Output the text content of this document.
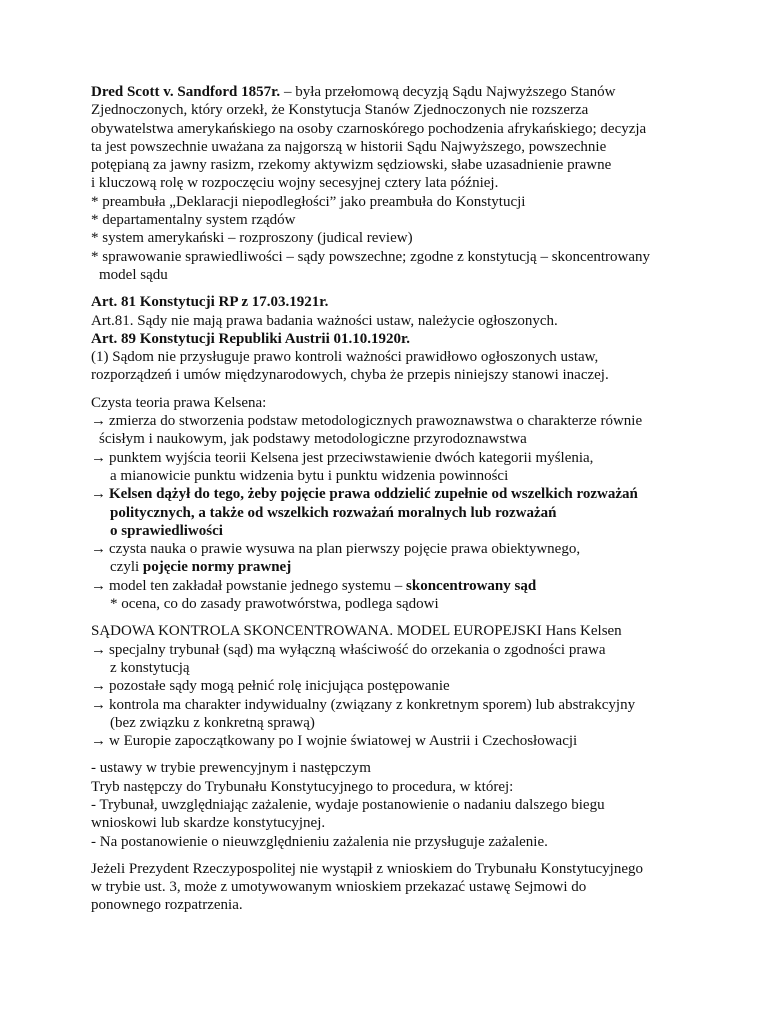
Dred Scott v. Sandford 1857r. – była przełomową decyzją Sądu Najwyższego Stanów
Zjednoczonych, który orzekł, że Konstytucja Stanów Zjednoczonych nie rozszerza
obywatelstwa amerykańskiego na osoby czarnoskórego pochodzenia afrykańskiego; decyzja
ta jest powszechnie uważana za najgorszą w historii Sądu Najwyższego, powszechnie
potępianą za jawny rasizm, rzekomy aktywizm sędziowski, słabe uzasadnienie prawne
i kluczową rolę w rozpoczęciu wojny secesyjnej cztery lata później.
* preambuła „Deklaracji niepodległości” jako preambuła do Konstytucji
* departamentalny system rządów
* system amerykański – rozproszony (judical review)
* sprawowanie sprawiedliwości – sądy powszechne; zgodne z konstytucją – skoncentrowany
model sądu
Art. 81 Konstytucji RP z 17.03.1921r.
Art.81. Sądy nie mają prawa badania ważności ustaw, należycie ogłoszonych.
Art. 89 Konstytucji Republiki Austrii 01.10.1920r.
(1) Sądom nie przysługuje prawo kontroli ważności prawidłowo ogłoszonych ustaw,
rozporządzeń i umów międzynarodowych, chyba że przepis niniejszy stanowi inaczej.
Czysta teoria prawa Kelsena:
→ zmierza do stworzenia podstaw metodologicznych prawoznawstwa o charakterze równie
ścisłym i naukowym, jak podstawy metodologiczne przyrodoznawstwa
→ punktem wyjścia teorii Kelsena jest przeciwstawienie dwóch kategorii myślenia,
a mianowicie punktu widzenia bytu i punktu widzenia powinności
→ Kelsen dążył do tego, żeby pojęcie prawa oddzielić zupełnie od wszelkich rozważań
politycznych, a także od wszelkich rozważań moralnych lub rozważań
o sprawiedliwości
→ czysta nauka o prawie wysuwa na plan pierwszy pojęcie prawa obiektywnego,
czyli pojęcie normy prawnej
→ model ten zakładał powstanie jednego systemu – skoncentrowany sąd
* ocena, co do zasady prawotwórstwa, podlega sądowi
SĄDOWA KONTROLA SKONCENTROWANA. MODEL EUROPEJSKI Hans Kelsen
→ specjalny trybunał (sąd) ma wyłączną właściwość do orzekania o zgodności prawa
z konstytucją
→ pozostałe sądy mogą pełnić rolę inicjująca postępowanie
→ kontrola ma charakter indywidualny (związany z konkretnym sporem) lub abstrakcyjny
(bez związku z konkretną sprawą)
→ w Europie zapoczątkowany po I wojnie światowej w Austrii i Czechosłowacji
- ustawy w trybie prewencyjnym i następczym
Tryb następczy do Trybunału Konstytucyjnego to procedura, w której:
- Trybunał, uwzględniając zażalenie, wydaje postanowienie o nadaniu dalszego biegu
wnioskowi lub skardze konstytucyjnej.
- Na postanowienie o nieuwzględnieniu zażalenia nie przysługuje zażalenie.
Jeżeli Prezydent Rzeczypospolitej nie wystąpił z wnioskiem do Trybunału Konstytucyjnego
w trybie ust. 3, może z umotywowanym wnioskiem przekazać ustawę Sejmowi do
ponownego rozpatrzenia.
